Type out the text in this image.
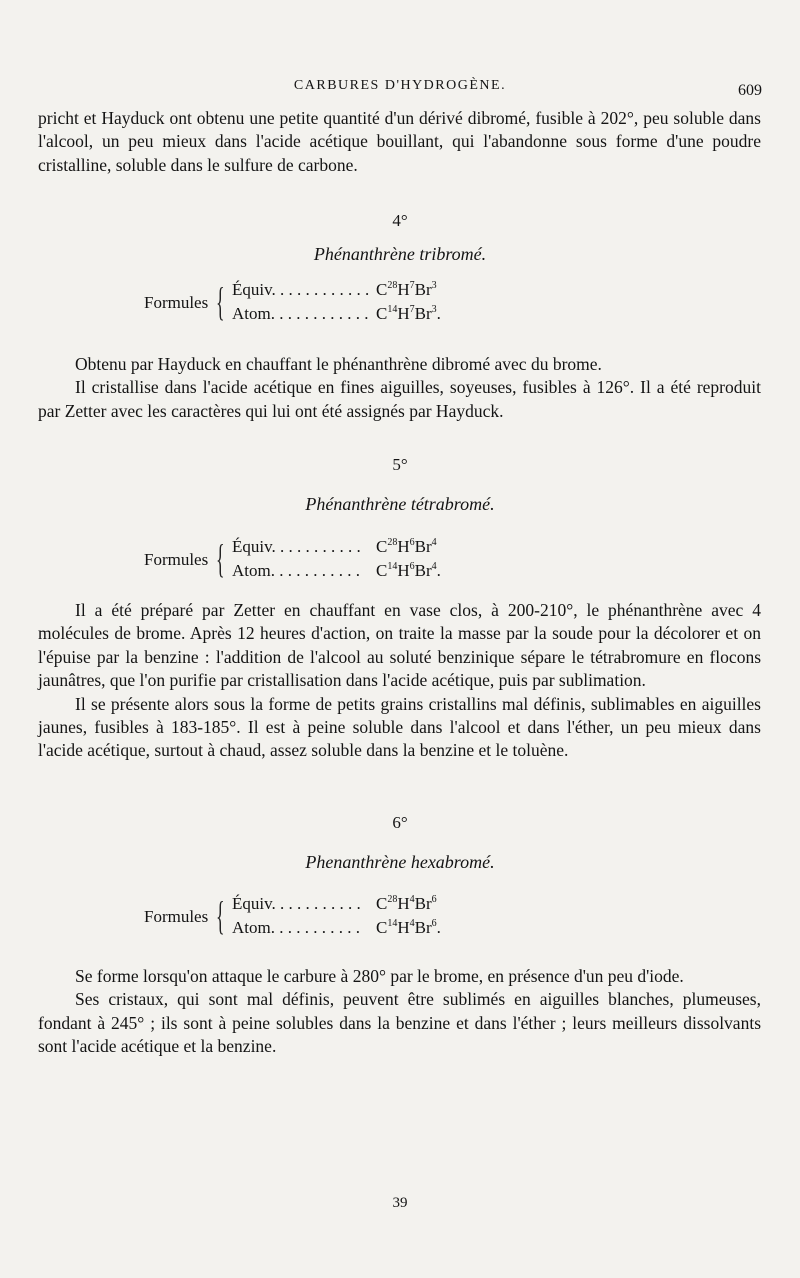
CARBURES D'HYDROGÈNE.	609

pricht et Hayduck ont obtenu une petite quantité d'un dérivé dibromé, fusible à 202°, peu soluble dans l'alcool, un peu mieux dans l'acide acétique bouillant, qui l'abandonne sous forme d'une poudre cristalline, soluble dans le sulfure de carbone.

4°
Phénanthrène tribromé.
Formules { Équiv. . . . . . . . . . . . $C^{28}H^7Br^3$
Atom. . . . . . . . . . . . $C^{14}H^7Br^3$.

Obtenu par Hayduck en chauffant le phénanthrène dibromé avec du brome.

Il cristallise dans l'acide acétique en fines aiguilles, soyeuses, fusibles à 126°. Il a été reproduit par Zetter avec les caractères qui lui ont été assignés par Hayduck.

5°
Phénanthrène tétrabromé.
Formules { Équiv. . . . . . . . . . . $C^{28}H^6Br^4$
Atom. . . . . . . . . . . $C^{14}H^6Br^4$.

Il a été préparé par Zetter en chauffant en vase clos, à 200-210°, le phénanthrène avec 4 molécules de brome. Après 12 heures d'action, on traite la masse par la soude pour la décolorer et on l'épuise par la benzine : l'addition de l'alcool au soluté benzinique sépare le tétrabromure en flocons jaunâtres, que l'on purifie par cristallisation dans l'acide acétique, puis par sublimation.

Il se présente alors sous la forme de petits grains cristallins mal définis, sublimables en aiguilles jaunes, fusibles à 183-185°. Il est à peine soluble dans l'alcool et dans l'éther, un peu mieux dans l'acide acétique, surtout à chaud, assez soluble dans la benzine et le toluène.

6°
Phenanthrène hexabromé.
Formules { Équiv. . . . . . . . . . . $C^{28}H^4Br^6$
Atom. . . . . . . . . . . $C^{14}H^4Br^6$.

Se forme lorsqu'on attaque le carbure à 280° par le brome, en présence d'un peu d'iode.

Ses cristaux, qui sont mal définis, peuvent être sublimés en aiguilles blanches, plumeuses, fondant à 245° ; ils sont à peine solubles dans la benzine et dans l'éther ; leurs meilleurs dissolvants sont l'acide acétique et la benzine.

39
